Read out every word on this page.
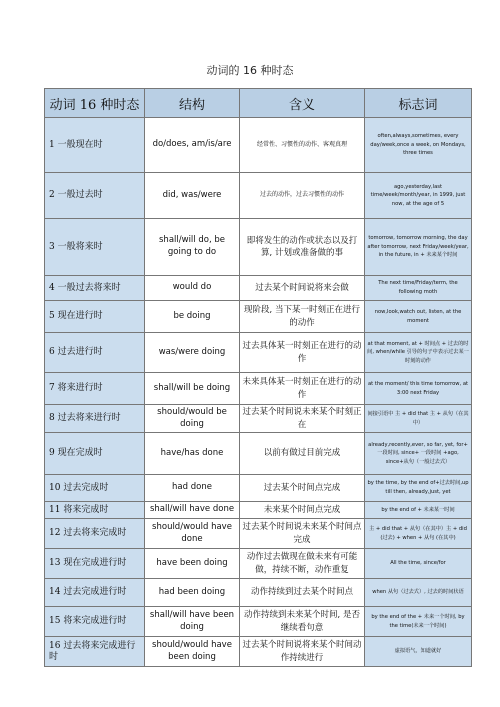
动词的 16 种时态
动词 16 种时态	结构	含义	标志词
1 一般现在时	do/does, am/is/are	经常性、习惯性的动作、客观真理	often,always,sometimes, every day/week,once a week, on Mondays, three times
2 一般过去时	did, was/were	过去的动作，过去习惯性的动作	ago,yesterday,last time/week/month/year, in 1999, just now, at the age of 5
3 一般将来时	shall/will do, be going to do	即将发生的动作或状态以及打算, 计划或准备做的事	tomorrow, tomorrow morning, the day after tomorrow, next Friday/week/year, in the future, in + 未来某个时间
4 一般过去将来时	would do	过去某个时间说将来会做	The next time/Friday/term, the following moth
5 现在进行时	be doing	现阶段, 当下某一时刻正在进行的动作	now,look,watch out, listen, at the moment
6 过去进行时	was/were doing	过去具体某一时刻正在进行的动作	at that moment, at + 时间点 + 过去的时间, when/while 引导的句子中表示过去某一时刻的动作
7 将来进行时	shall/will be doing	未来具体某一时刻正在进行的动作	at the moment/ this time tomorrow, at 3:00 next Friday
8 过去将来进行时	should/would be doing	过去某个时间说未来某个时刻正在	间接引语中 主 + did that 主 + 从句（在其中）
9 现在完成时	have/has done	以前有做过目前完成	already,recently,ever, so far, yet, for+ 一段时间, since+ 一段时间 +ago, since+从句（一般过去式）
10 过去完成时	had done	过去某个时间点完成	by the time, by the end of+过去时间,up till then, already,just, yet
11 将来完成时	shall/will have done	未来某个时间点完成	by the end of + 未来某一时间
12 过去将来完成时	should/would have done	过去某个时间说未来某个时间点完成	主 + did that + 从句（在其中）主 + did (过去) + when + 从句 (在其中)
13 现在完成进行时	have been doing	动作过去做现在做未来有可能做，持续不断，动作重复	All the time, since/for
14 过去完成进行时	had been doing	动作持续到过去某个时间点	when 从句（过去式）, 过去的时间状语
15 将来完成进行时	shall/will have been doing	动作持续到未来某个时间, 是否继续看句意	by the end of the + 未来一个时间, by the time(未来一个时间)
16 过去将来完成进行时	should/would have been doing	过去某个时间说将来某个时间动作持续进行	虚拟语气，知道就好
